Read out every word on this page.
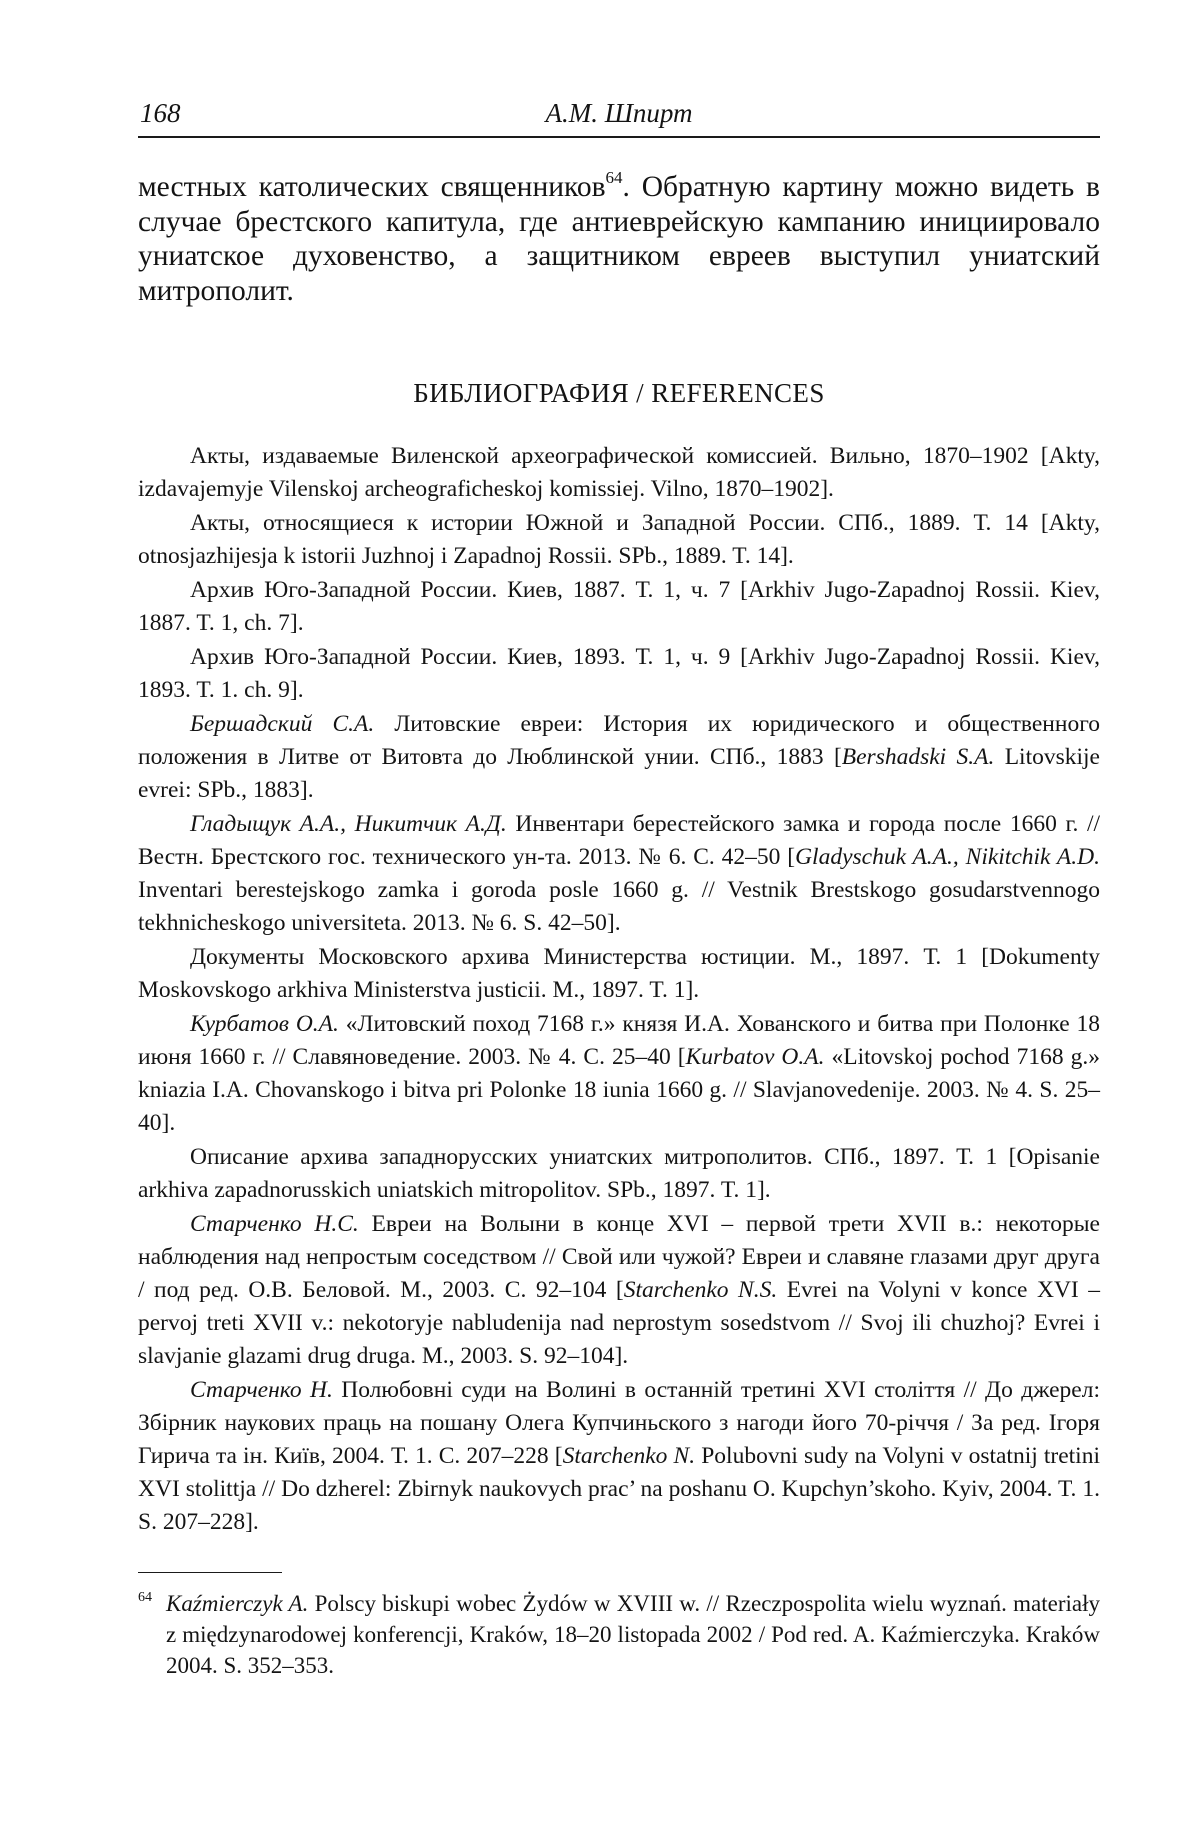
168	А.М. Шпирт

местных католических священников64. Обратную картину можно видеть в случае брестского капитула, где антиеврейскую кампанию инициировало униатское духовенство, а защитником евреев выступил униатский митрополит.

БИБЛИОГРАФИЯ / REFERENCES

Акты, издаваемые Виленской археографической комиссией. Вильно, 1870–1902 [Akty, izdavajemyje Vilenskoj archeograficheskoj komissiej. Vilno, 1870–1902].

Акты, относящиеся к истории Южной и Западной России. СПб., 1889. Т. 14 [Akty, otnosjazhijesja k istorii Juzhnoj i Zapadnoj Rossii. SPb., 1889. T. 14].

Архив Юго-Западной России. Киев, 1887. Т. 1, ч. 7 [Arkhiv Jugo-Zapadnoj Rossii. Kiev, 1887. T. 1, ch. 7].

Архив Юго-Западной России. Киев, 1893. Т. 1, ч. 9 [Arkhiv Jugo-Zapadnoj Rossii. Kiev, 1893. T. 1. ch. 9].

Бершадский С.А. Литовские евреи: История их юридического и общественного положения в Литве от Витовта до Люблинской унии. СПб., 1883 [Bershadski S.A. Litovskije evrei: SPb., 1883].

Гладыщук А.А., Никитчик А.Д. Инвентари берестейского замка и города после 1660 г. // Вестн. Брестского гос. технического ун-та. 2013. № 6. С. 42–50 [Gladyschuk A.A., Nikitchik A.D. Inventari berestejskogo zamka i goroda posle 1660 g. // Vestnik Brestskogo gosudarstvennogo tekhnicheskogo universiteta. 2013. № 6. S. 42–50].

Документы Московского архива Министерства юстиции. М., 1897. Т. 1 [Dokumenty Moskovskogo arkhiva Ministerstva justicii. M., 1897. T. 1].

Курбатов О.А. «Литовский поход 7168 г.» князя И.А. Хованского и битва при Полонке 18 июня 1660 г. // Славяноведение. 2003. № 4. С. 25–40 [Kurbatov O.A. «Litovskoj pochod 7168 g.» kniazia I.A. Chovanskogo i bitva pri Polonke 18 iunia 1660 g. // Slavjanovedenije. 2003. № 4. S. 25–40].

Описание архива западнорусских униатских митрополитов. СПб., 1897. Т. 1 [Opisanie arkhiva zapadnorusskich uniatskich mitropolitov. SPb., 1897. T. 1].

Старченко Н.С. Евреи на Волыни в конце XVI – первой трети XVII в.: некоторые наблюдения над непростым соседством // Свой или чужой? Евреи и славяне глазами друг друга / под ред. О.В. Беловой. М., 2003. С. 92–104 [Starchenko N.S. Evrei na Volyni v konce XVI – pervoj treti XVII v.: nekotoryje nabludenija nad neprostym sosedstvom // Svoj ili chuzhoj? Evrei i slavjanie glazami drug druga. M., 2003. S. 92–104].

Старченко Н. Полюбовні суди на Волині в останній третині XVI століття // До джерел: Збірник наукових праць на пошану Олега Купчиньского з нагоди його 70-річчя / За ред. Ігоря Гирича та ін. Київ, 2004. Т. 1. С. 207–228 [Starchenko N. Polubovni sudy na Volyni v ostatnij tretini XVI stolittja // Do dzherel: Zbirnyk naukovych prac’ na poshanu O. Kupchyn’skoho. Kyiv, 2004. T. 1. S. 207–228].

64 Kaźmierczyk A. Polscy biskupi wobec Żydów w XVIII w. // Rzeczpospolita wielu wyznań. materiały z międzynarodowej konferencji, Kraków, 18–20 listopada 2002 / Pod red. A. Kaźmierczyka. Kraków 2004. S. 352–353.
